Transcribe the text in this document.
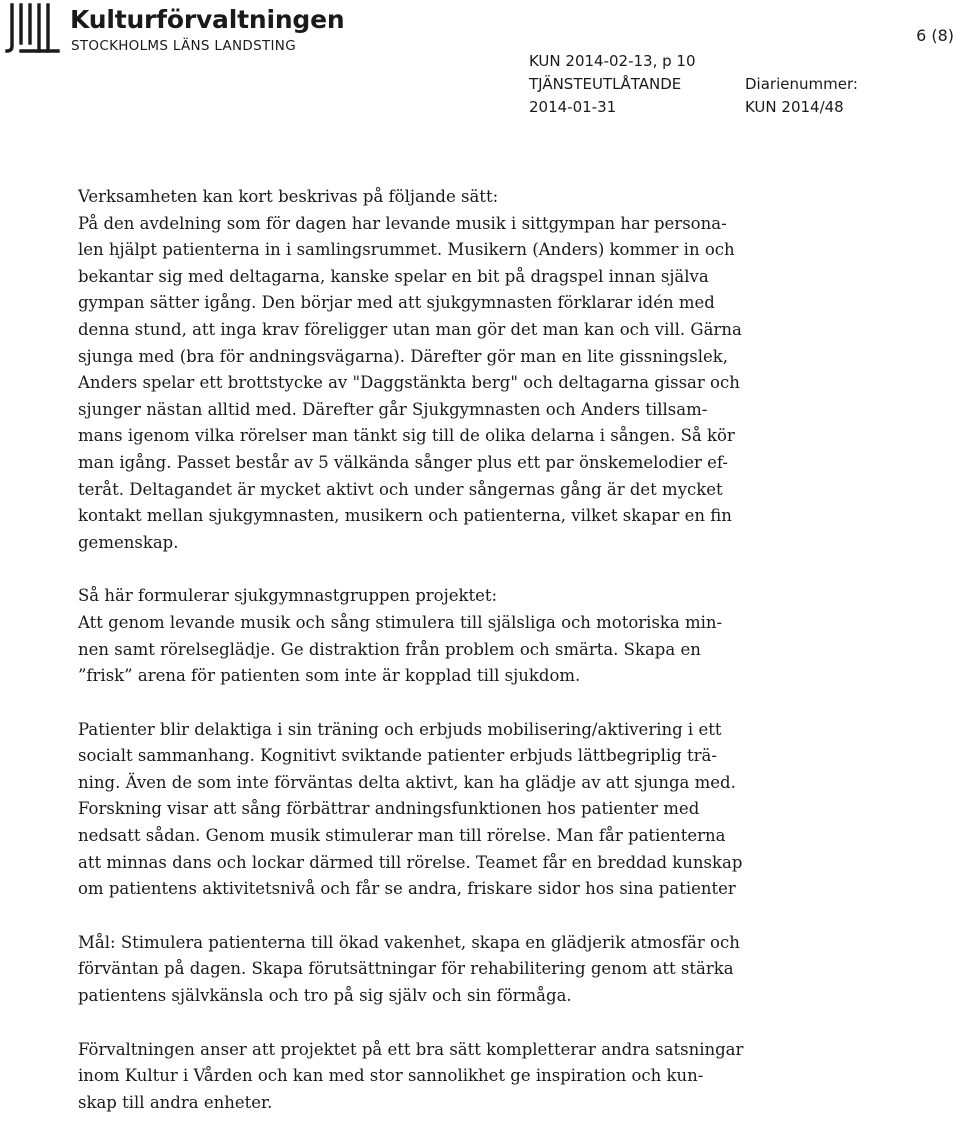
Kulturförvaltningen
STOCKHOLMS LÄNS LANDSTING
6 (8)
KUN 2014-02-13, p 10
TJÄNSTEUTLÅTANDE	Diarienummer:
2014-01-31	KUN 2014/48

Verksamheten kan kort beskrivas på följande sätt:
På den avdelning som för dagen har levande musik i sittgympan har persona-
len hjälpt patienterna in i samlingsrummet. Musikern (Anders) kommer in och
bekantar sig med deltagarna, kanske spelar en bit på dragspel innan själva
gympan sätter igång. Den börjar med att sjukgymnasten förklarar idén med
denna stund, att inga krav föreligger utan man gör det man kan och vill. Gärna
sjunga med (bra för andningsvägarna). Därefter gör man en lite gissningslek,
Anders spelar ett brottstycke av "Daggstänkta berg" och deltagarna gissar och
sjunger nästan alltid med. Därefter går Sjukgymnasten och Anders tillsam-
mans igenom vilka rörelser man tänkt sig till de olika delarna i sången. Så kör
man igång. Passet består av 5 välkända sånger plus ett par önskemelodier ef-
teråt. Deltagandet är mycket aktivt och under sångernas gång är det mycket
kontakt mellan sjukgymnasten, musikern och patienterna, vilket skapar en fin
gemenskap.

Så här formulerar sjukgymnastgruppen projektet:
Att genom levande musik och sång stimulera till själsliga och motoriska min-
nen samt rörelseglädje. Ge distraktion från problem och smärta. Skapa en
”frisk” arena för patienten som inte är kopplad till sjukdom.

Patienter blir delaktiga i sin träning och erbjuds mobilisering/aktivering i ett
socialt sammanhang. Kognitivt sviktande patienter erbjuds lättbegriplig trä-
ning. Även de som inte förväntas delta aktivt, kan ha glädje av att sjunga med.
Forskning visar att sång förbättrar andningsfunktionen hos patienter med
nedsatt sådan. Genom musik stimulerar man till rörelse. Man får patienterna
att minnas dans och lockar därmed till rörelse. Teamet får en breddad kunskap
om patientens aktivitetsnivå och får se andra, friskare sidor hos sina patienter

Mål: Stimulera patienterna till ökad vakenhet, skapa en glädjerik atmosfär och
förväntan på dagen. Skapa förutsättningar för rehabilitering genom att stärka
patientens självkänsla och tro på sig själv och sin förmåga.

Förvaltningen anser att projektet på ett bra sätt kompletterar andra satsningar
inom Kultur i Vården och kan med stor sannolikhet ge inspiration och kun-
skap till andra enheter.
